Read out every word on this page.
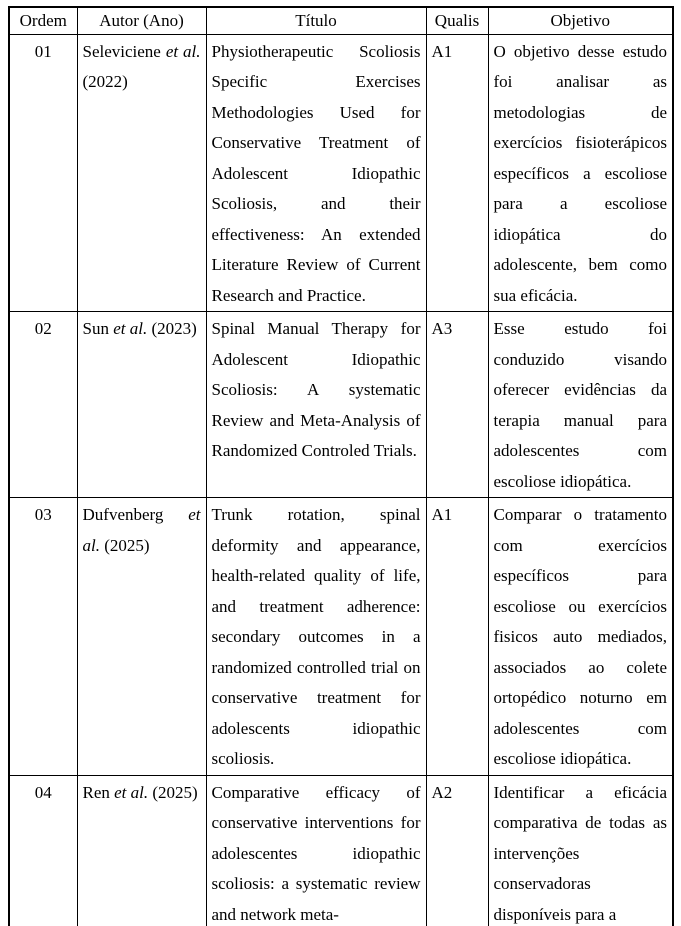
Ordem	Autor (Ano)	Título	Qualis	Objetivo
01	Seleviciene et al. (2022)	Physiotherapeutic Scoliosis Specific Exercises Methodologies Used for Conservative Treatment of Adolescent Idiopathic Scoliosis, and their effectiveness: An extended Literature Review of Current Research and Practice.	A1	O objetivo desse estudo foi analisar as metodologias de exercícios fisioterápicos específicos a escoliose para a escoliose idiopática do adolescente, bem como sua eficácia.
02	Sun et al. (2023)	Spinal Manual Therapy for Adolescent Idiopathic Scoliosis: A systematic Review and Meta-Analysis of Randomized Controled Trials.	A3	Esse estudo foi conduzido visando oferecer evidências da terapia manual para adolescentes com escoliose idiopática.
03	Dufvenberg et al. (2025)	Trunk rotation, spinal deformity and appearance, health-related quality of life, and treatment adherence: secondary outcomes in a randomized controlled trial on conservative treatment for adolescents idiopathic scoliosis.	A1	Comparar o tratamento com exercícios específicos para escoliose ou exercícios fisicos auto mediados, associados ao colete ortopédico noturno em adolescentes com escoliose idiopática.
04	Ren et al. (2025)	Comparative efficacy of conservative interventions for adolescentes idiopathic scoliosis: a systematic review and network meta-	A2	Identificar a eficácia comparativa de todas as intervenções conservadoras disponíveis para a
